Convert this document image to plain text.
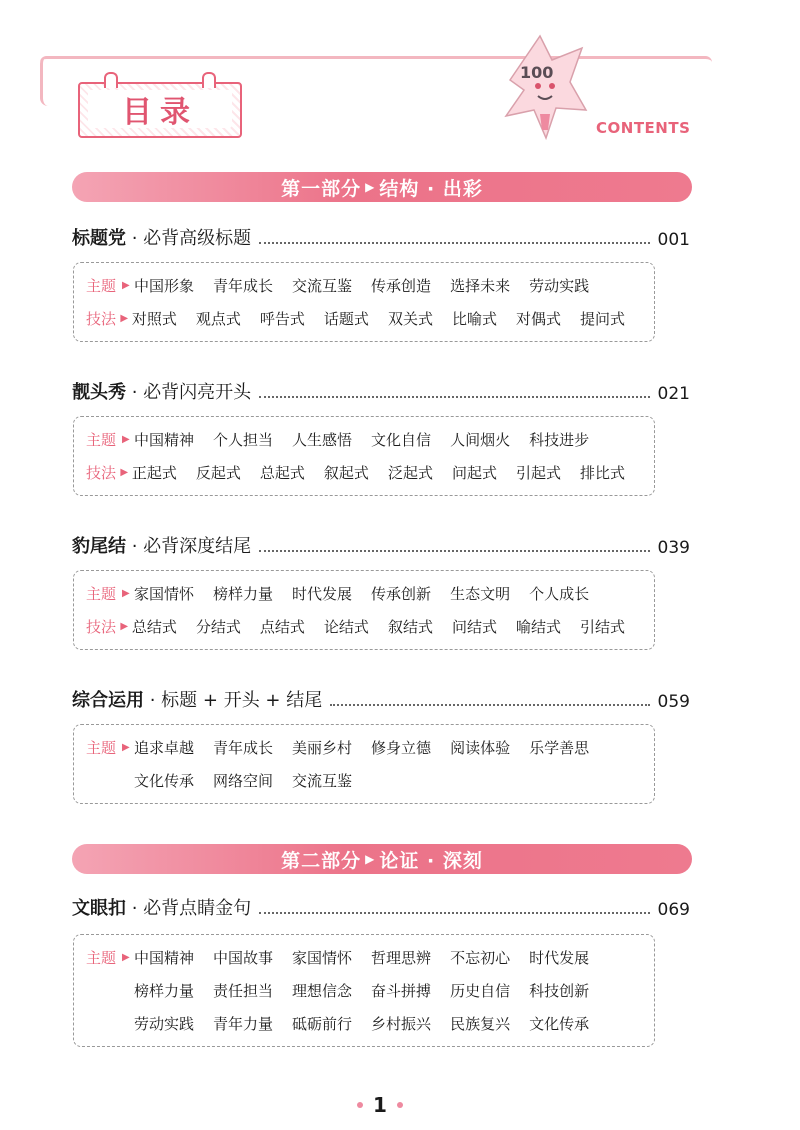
目录
100
CONTENTS
第一部分 ▶ 结构 · 出彩
标题党 · 必背高级标题	001
主题 ▶ 中国形象 青年成长 交流互鉴 传承创造 选择未来 劳动实践
技法 ▶ 对照式 观点式 呼告式 话题式 双关式 比喻式 对偶式 提问式
靓头秀 · 必背闪亮开头	021
主题 ▶ 中国精神 个人担当 人生感悟 文化自信 人间烟火 科技进步
技法 ▶ 正起式 反起式 总起式 叙起式 泛起式 问起式 引起式 排比式
豹尾结 · 必背深度结尾	039
主题 ▶ 家国情怀 榜样力量 时代发展 传承创新 生态文明 个人成长
技法 ▶ 总结式 分结式 点结式 论结式 叙结式 问结式 喻结式 引结式
综合运用 · 标题 + 开头 + 结尾	059
主题 ▶ 追求卓越 青年成长 美丽乡村 修身立德 阅读体验 乐学善思
文化传承 网络空间 交流互鉴
第二部分 ▶ 论证 · 深刻
文眼扣 · 必背点睛金句	069
主题 ▶ 中国精神 中国故事 家国情怀 哲理思辨 不忘初心 时代发展
榜样力量 责任担当 理想信念 奋斗拼搏 历史自信 科技创新
劳动实践 青年力量 砥砺前行 乡村振兴 民族复兴 文化传承
1
